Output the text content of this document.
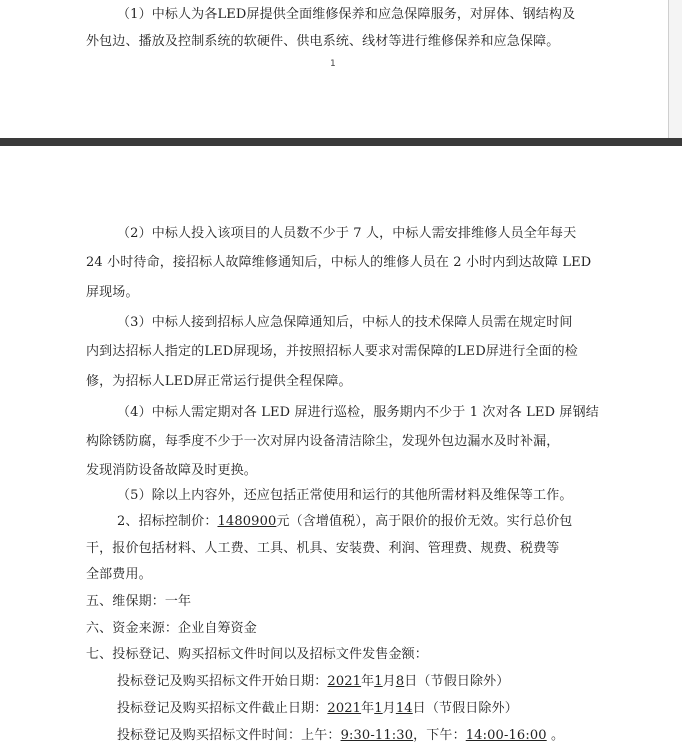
（1）中标人为各LED屏提供全面维修保养和应急保障服务，对屏体、钢结构及
外包边、播放及控制系统的软硬件、供电系统、线材等进行维修保养和应急保障。
1
（2）中标人投入该项目的人员数不少于 7 人，中标人需安排维修人员全年每天
24 小时待命，接招标人故障维修通知后，中标人的维修人员在 2 小时内到达故障 LED
屏现场。
（3）中标人接到招标人应急保障通知后，中标人的技术保障人员需在规定时间
内到达招标人指定的LED屏现场，并按照招标人要求对需保障的LED屏进行全面的检
修，为招标人LED屏正常运行提供全程保障。
（4）中标人需定期对各 LED 屏进行巡检，服务期内不少于 1 次对各 LED 屏钢结
构除锈防腐，每季度不少于一次对屏内设备清洁除尘，发现外包边漏水及时补漏，
发现消防设备故障及时更换。
（5）除以上内容外，还应包括正常使用和运行的其他所需材料及维保等工作。
2、招标控制价：1480900元（含增值税），高于限价的报价无效。实行总价包
干，报价包括材料、人工费、工具、机具、安装费、利润、管理费、规费、税费等
全部费用。
五、维保期：一年
六、资金来源：企业自筹资金
七、投标登记、购买招标文件时间以及招标文件发售金额：
投标登记及购买招标文件开始日期：2021年1月8日（节假日除外）
投标登记及购买招标文件截止日期：2021年1月14日（节假日除外）
投标登记及购买招标文件时间：上午：9:30-11:30，下午：14:00-16:00 。
